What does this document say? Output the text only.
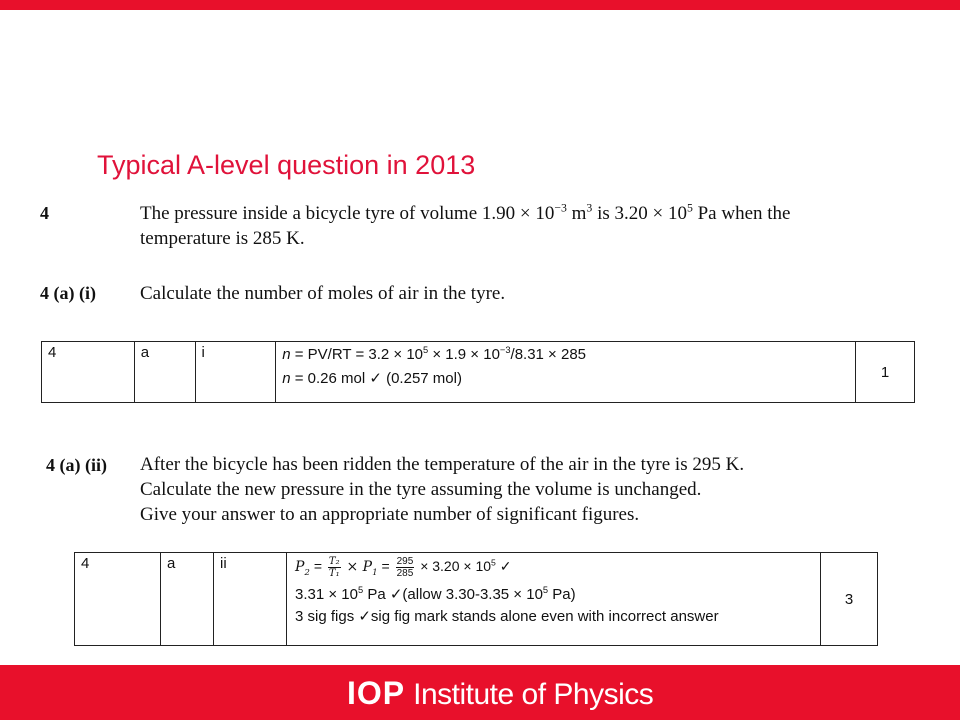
Typical A-level question in 2013
4	The pressure inside a bicycle tyre of volume $1.90 \times 10^{-3}$ $m^3$ is $3.20 \times 10^5$ Pa when the
temperature is 285 K.
4 (a) (i) Calculate the number of moles of air in the tyre.
4	a	i	$n = PV/RT = 3.2 \times 10^5 \times 1.9 \times 10^{-3}/8.31 \times 285$
n = 0.26 mol ✓ (0.257 mol)	1
4 (a) (ii) After the bicycle has been ridden the temperature of the air in the tyre is 295 K.
Calculate the new pressure in the tyre assuming the volume is unchanged.
Give your answer to an appropriate number of significant figures.
4	a	ii	$P_2 = \frac{\text{T₂}}{\text{T₁}} \times P_1 = \frac{295}{285} \times 3.20 \times 10^5$ ✓
$3.31 \times 10^5$ Pa ✓(allow $3.30-3.35 \times 10^5$ Pa)
3 sig figs ✓sig fig mark stands alone even with incorrect answer
	3
IOP Institute of Physics
